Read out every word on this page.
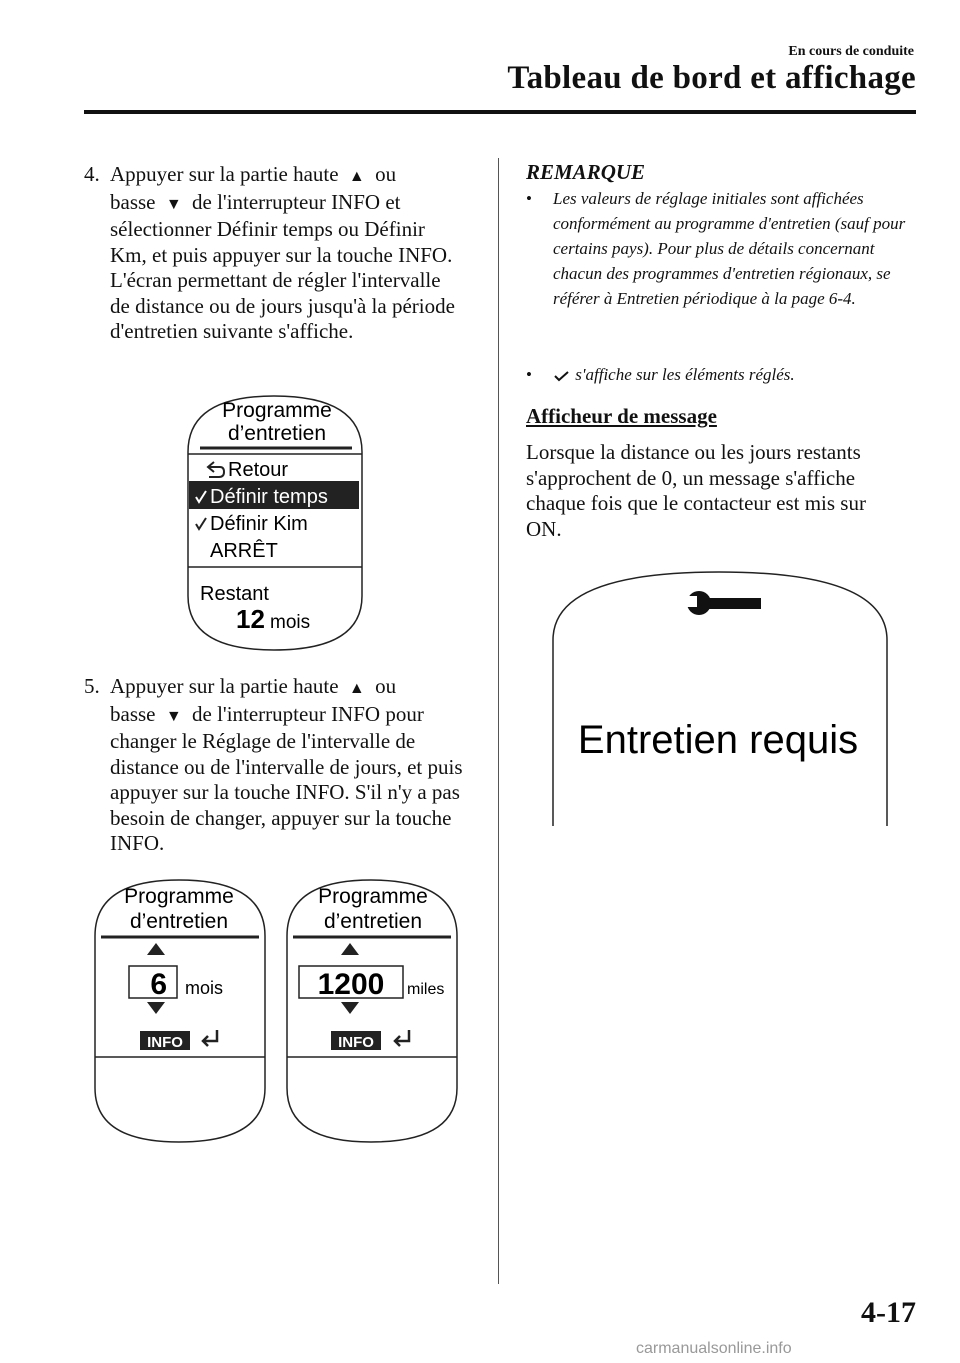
En cours de conduite
Tableau de bord et affichage
4. Appuyer sur la partie haute ▲ ou
basse ▼ de l'interrupteur INFO et sélectionner Définir temps ou Définir Km, et puis appuyer sur la touche INFO. L'écran permettant de régler l'intervalle de distance ou de jours jusqu'à la période d'entretien suivante s'affiche.
Programme
d’entretien
Retour
Définir temps
Définir Kim
ARRÊT
Restant
12 mois
5. Appuyer sur la partie haute ▲ ou
basse ▼ de l'interrupteur INFO pour changer le Réglage de l'intervalle de distance ou de l'intervalle de jours, et puis appuyer sur la touche INFO. S'il n'y a pas besoin de changer, appuyer sur la touche INFO.
Programme
d’entretien
6 mois
INFO
Programme
d’entretien
1200 miles
INFO
REMARQUE
• Les valeurs de réglage initiales sont affichées conformément au programme d'entretien (sauf pour certains pays). Pour plus de détails concernant chacun des programmes d'entretien régionaux, se référer à Entretien périodique à la page 6-4.
•	s'affiche sur les éléments réglés.
Afficheur de message
Lorsque la distance ou les jours restants s'approchent de 0, un message s'affiche chaque fois que le contacteur est mis sur ON.
Entretien requis
4-17
carmanualsonline.info
